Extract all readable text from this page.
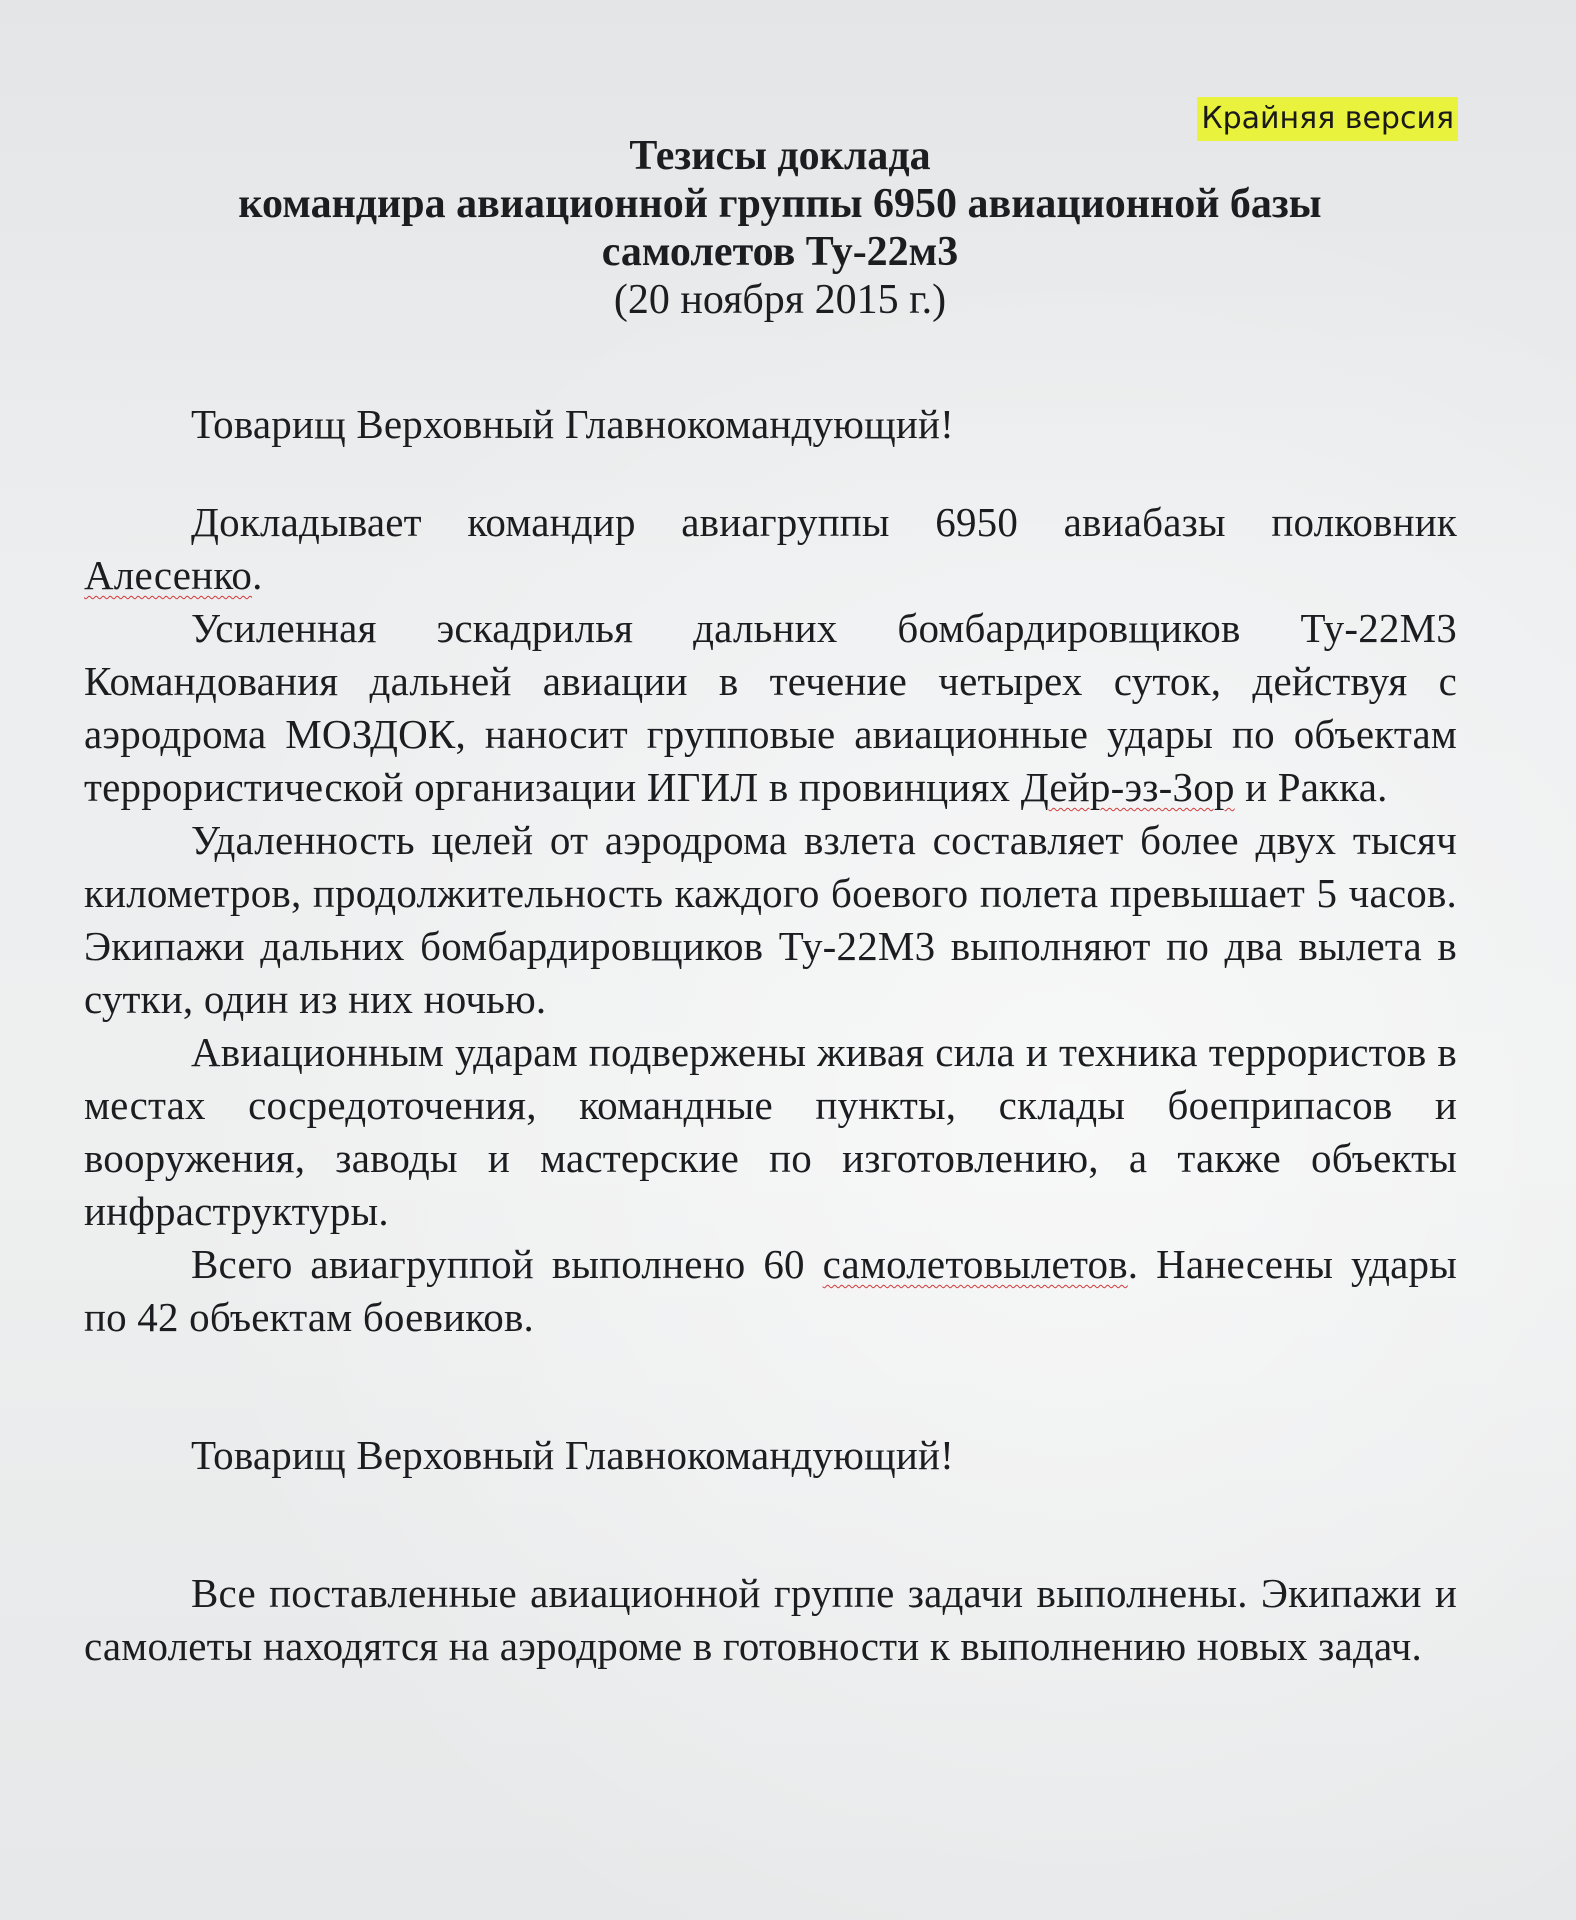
Крайняя версия

Тезисы доклада

командира авиационной группы 6950 авиационной базы

самолетов Ту-22м3

(20 ноября 2015 г.)

Товарищ Верховный Главнокомандующий!

Докладывает командир авиагруппы 6950 авиабазы полковник Алесенко.

Усиленная эскадрилья дальних бомбардировщиков Ту-22М3 Командования дальней авиации в течение четырех суток, действуя с аэродрома МОЗДОК, наносит групповые авиационные удары по объектам террористической организации ИГИЛ в провинциях Дейр-эз-Зор и Ракка.

Удаленность целей от аэродрома взлета составляет более двух тысяч километров, продолжительность каждого боевого полета превышает 5 часов. Экипажи дальних бомбардировщиков Ту-22М3 выполняют по два вылета в сутки, один из них ночью.

Авиационным ударам подвержены живая сила и техника террористов в местах сосредоточения, командные пункты, склады боеприпасов и вооружения, заводы и мастерские по изготовлению, а также объекты инфраструктуры.

Всего авиагруппой выполнено 60 самолетовылетов. Нанесены удары по 42 объектам боевиков.

Товарищ Верховный Главнокомандующий!

Все поставленные авиационной группе задачи выполнены. Экипажи и самолеты находятся на аэродроме в готовности к выполнению новых задач.
